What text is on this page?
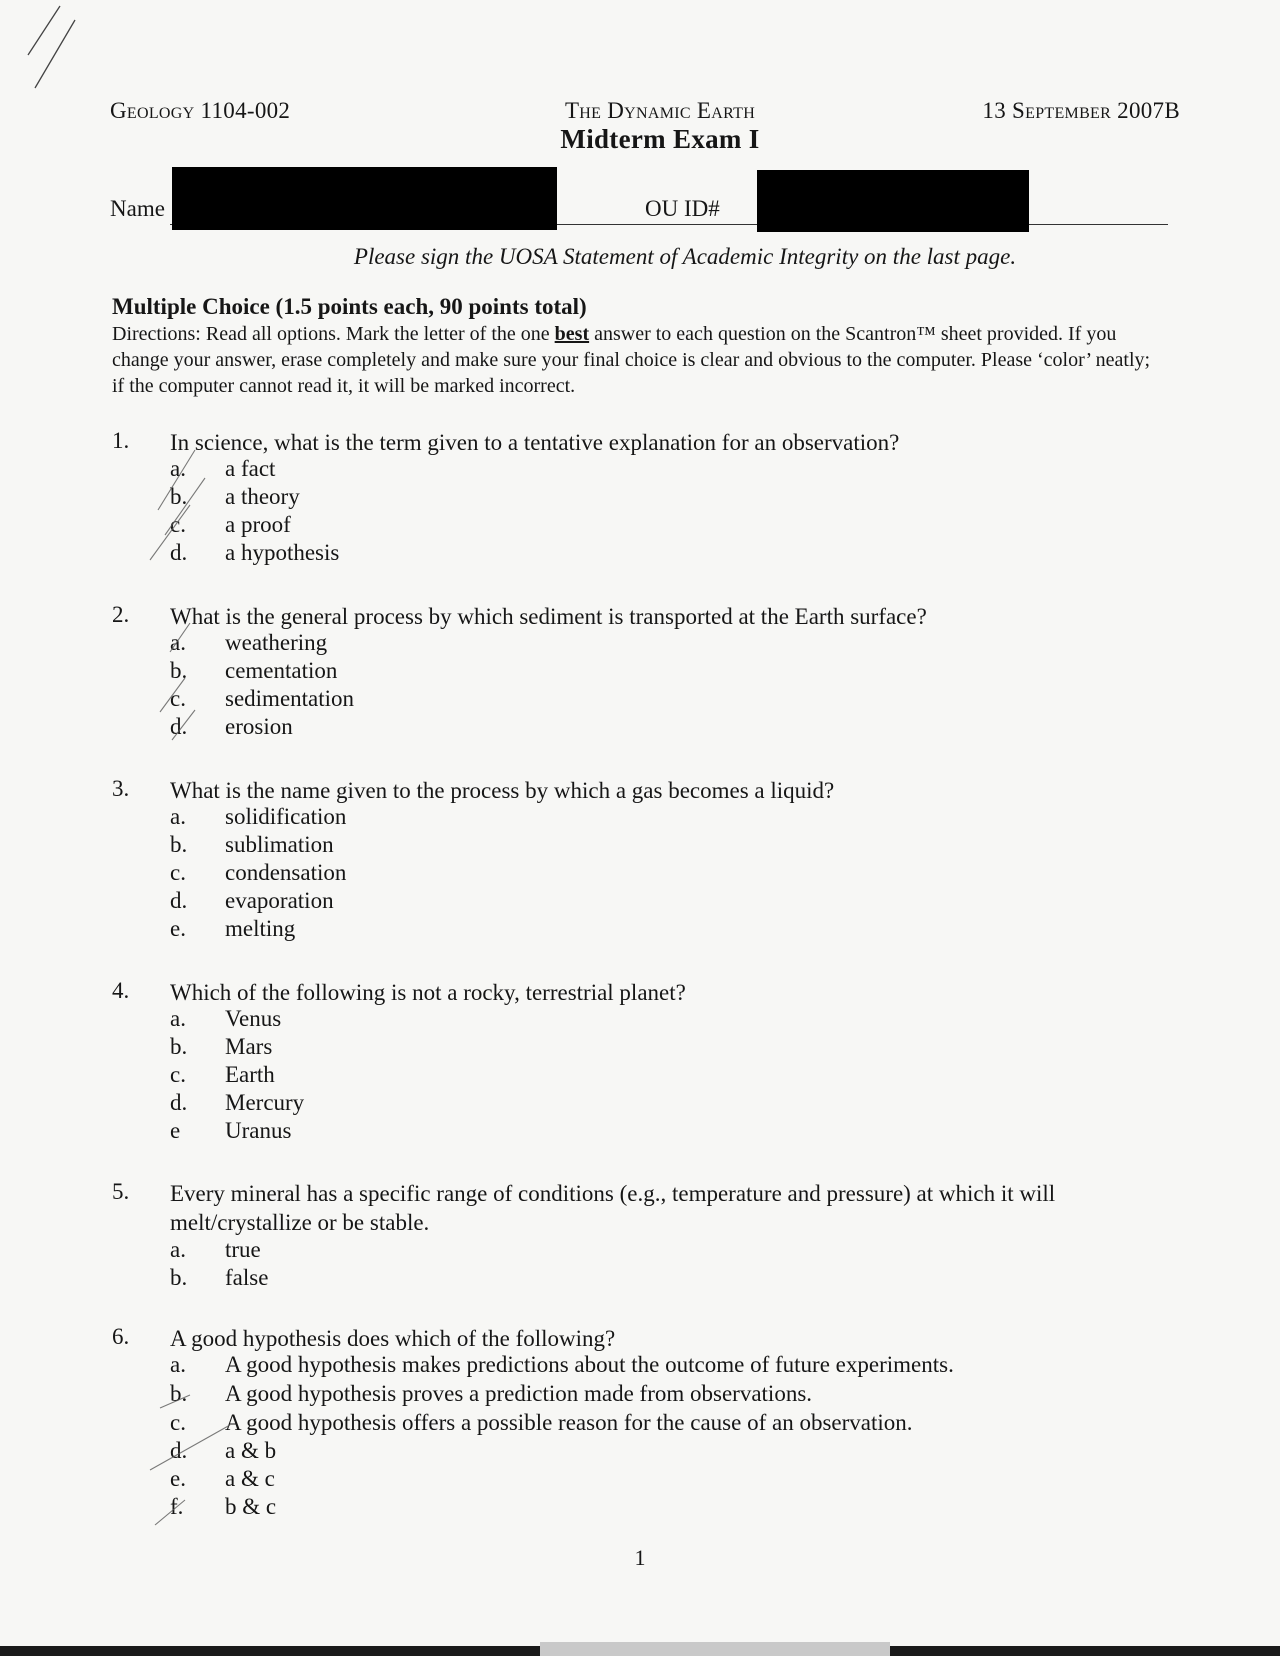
Geology 1104-002	The Dynamic Earth
Midterm Exam I
13 September 2007B
Name	OU ID#
Please sign the UOSA Statement of Academic Integrity on the last page.
Multiple Choice (1.5 points each, 90 points total)
Directions: Read all options. Mark the letter of the one best answer to each question on the Scantron™ sheet provided. If you change your answer, erase completely and make sure your final choice is clear and obvious to the computer. Please ‘color’ neatly; if the computer cannot read it, it will be marked incorrect.
1.	In science, what is the term given to a tentative explanation for an observation?
a.	a fact
b.	a theory
c.	a proof
d.	a hypothesis
2.	What is the general process by which sediment is transported at the Earth surface?
a.	weathering
b.	cementation
c.	sedimentation
d.	erosion
3.	What is the name given to the process by which a gas becomes a liquid?
a.	solidification
b.	sublimation
c.	condensation
d.	evaporation
e.	melting
4.	Which of the following is not a rocky, terrestrial planet?
a.	Venus
b.	Mars
c.	Earth
d.	Mercury
e	Uranus
5.	Every mineral has a specific range of conditions (e.g., temperature and pressure) at which it will melt/crystallize or be stable.
a.	true
b.	false
6.	A good hypothesis does which of the following?
a.	A good hypothesis makes predictions about the outcome of future experiments.
b.	A good hypothesis proves a prediction made from observations.
c.	A good hypothesis offers a possible reason for the cause of an observation.
d.	a & b
e.	a & c
f.	b & c
1
